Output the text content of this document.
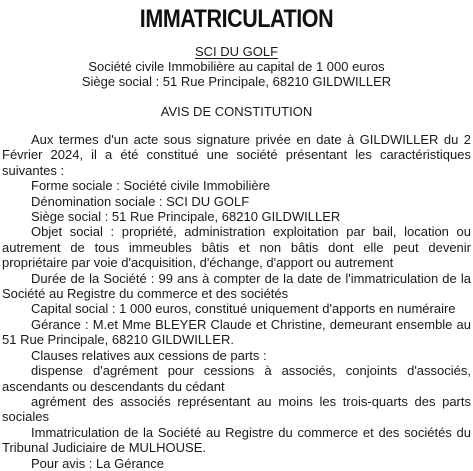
IMMATRICULATION
SCI DU GOLF
Société civile Immobilière au capital de 1 000 euros
Siège social : 51 Rue Principale, 68210 GILDWILLER
AVIS DE CONSTITUTION

Aux termes d'un acte sous signature privée en date à GILDWILLER du 2 Février 2024, il a été constitué une société présentant les caractéristiques suivantes :

Forme sociale : Société civile Immobilière

Dénomination sociale : SCI DU GOLF

Siège social : 51 Rue Principale, 68210 GILDWILLER

Objet social : propriété, administration exploitation par bail, location ou autrement de tous immeubles bâtis et non bâtis dont elle peut devenir propriétaire par voie d'acquisition, d'échange, d'apport ou autrement

Durée de la Société : 99 ans à compter de la date de l'immatriculation de la Société au Registre du commerce et des sociétés

Capital social : 1 000 euros, constitué uniquement d'apports en numéraire

Gérance : M.et Mme BLEYER Claude et Christine, demeurant ensemble au 51 Rue Principale, 68210 GILDWILLER.

Clauses relatives aux cessions de parts :

dispense d'agrément pour cessions à associés, conjoints d'associés, ascendants ou descendants du cédant

agrément des associés représentant au moins les trois-quarts des parts sociales

Immatriculation de la Société au Registre du commerce et des sociétés du Tribunal Judiciaire de MULHOUSE.

Pour avis : La Gérance
